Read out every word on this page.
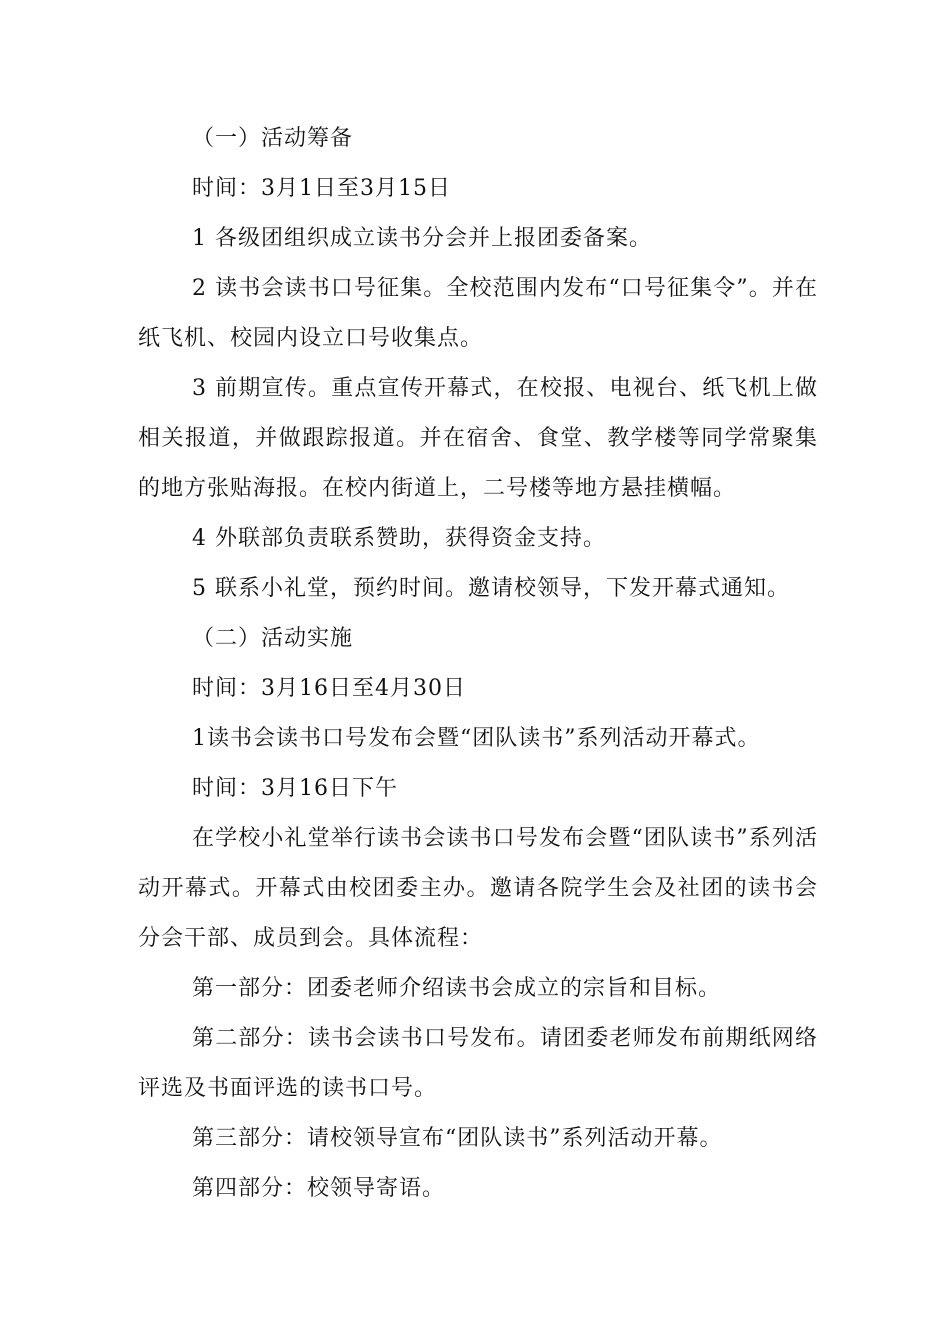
（一）活动筹备

时间：3月1日至3月15日

1 各级团组织成立读书分会并上报团委备案。

2 读书会读书口号征集。全校范围内发布“口号征集令”。并在纸飞机、校园内设立口号收集点。

3 前期宣传。重点宣传开幕式，在校报、电视台、纸飞机上做相关报道，并做跟踪报道。并在宿舍、食堂、教学楼等同学常聚集的地方张贴海报。在校内街道上，二号楼等地方悬挂横幅。

4 外联部负责联系赞助，获得资金支持。

5 联系小礼堂，预约时间。邀请校领导，下发开幕式通知。

（二）活动实施

时间：3月16日至4月30日

1读书会读书口号发布会暨“团队读书”系列活动开幕式。

时间：3月16日下午

在学校小礼堂举行读书会读书口号发布会暨“团队读书”系列活动开幕式。开幕式由校团委主办。邀请各院学生会及社团的读书会分会干部、成员到会。具体流程：

第一部分：团委老师介绍读书会成立的宗旨和目标。

第二部分：读书会读书口号发布。请团委老师发布前期纸网络评选及书面评选的读书口号。

第三部分：请校领导宣布“团队读书”系列活动开幕。

第四部分：校领导寄语。
